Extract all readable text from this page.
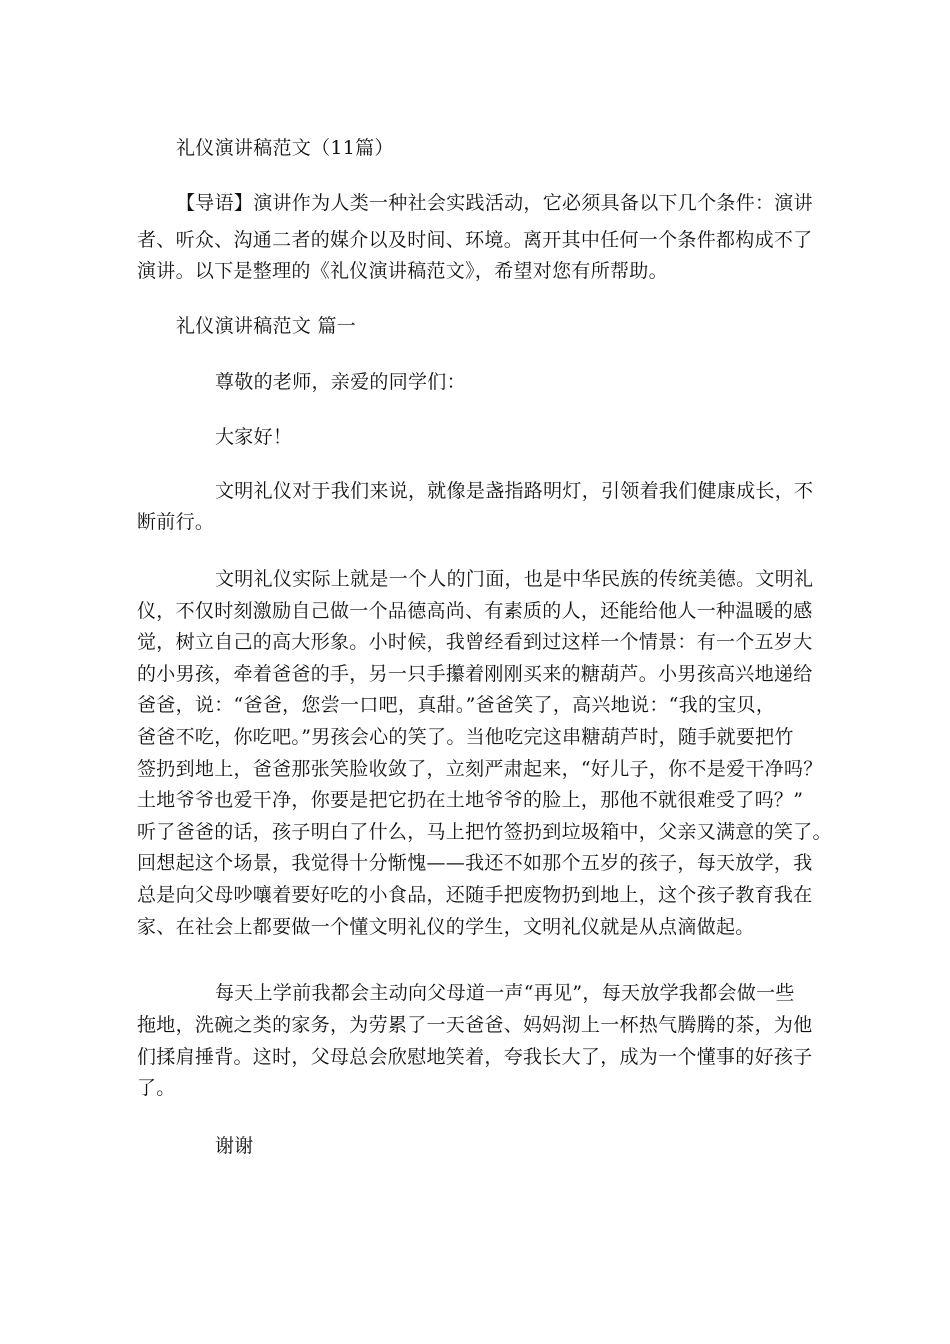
礼仪演讲稿范文（11篇）
【导语】演讲作为人类一种社会实践活动，它必须具备以下几个条件：演讲
者、听众、沟通二者的媒介以及时间、环境。离开其中任何一个条件都构成不了
演讲。以下是整理的《礼仪演讲稿范文》，希望对您有所帮助。
礼仪演讲稿范文 篇一
尊敬的老师，亲爱的同学们：
大家好！
文明礼仪对于我们来说，就像是盏指路明灯，引领着我们健康成长，不
断前行。
文明礼仪实际上就是一个人的门面，也是中华民族的传统美德。文明礼
仪，不仅时刻激励自己做一个品德高尚、有素质的人，还能给他人一种温暖的感
觉，树立自己的高大形象。小时候，我曾经看到过这样一个情景：有一个五岁大
的小男孩，牵着爸爸的手，另一只手攥着刚刚买来的糖葫芦。小男孩高兴地递给
爸爸，说：“爸爸，您尝一口吧，真甜。”爸爸笑了，高兴地说：“我的宝贝，
爸爸不吃，你吃吧。”男孩会心的笑了。当他吃完这串糖葫芦时，随手就要把竹
签扔到地上，爸爸那张笑脸收敛了，立刻严肃起来，“好儿子，你不是爱干净吗？
土地爷爷也爱干净，你要是把它扔在土地爷爷的脸上，那他不就很难受了吗？”
听了爸爸的话，孩子明白了什么，马上把竹签扔到垃圾箱中，父亲又满意的笑了。
回想起这个场景，我觉得十分惭愧——我还不如那个五岁的孩子，每天放学，我
总是向父母吵嚷着要好吃的小食品，还随手把废物扔到地上，这个孩子教育我在
家、在社会上都要做一个懂文明礼仪的学生，文明礼仪就是从点滴做起。
每天上学前我都会主动向父母道一声“再见”，每天放学我都会做一些
拖地，洗碗之类的家务，为劳累了一天爸爸、妈妈沏上一杯热气腾腾的茶，为他
们揉肩捶背。这时，父母总会欣慰地笑着，夸我长大了，成为一个懂事的好孩子
了。
谢谢
